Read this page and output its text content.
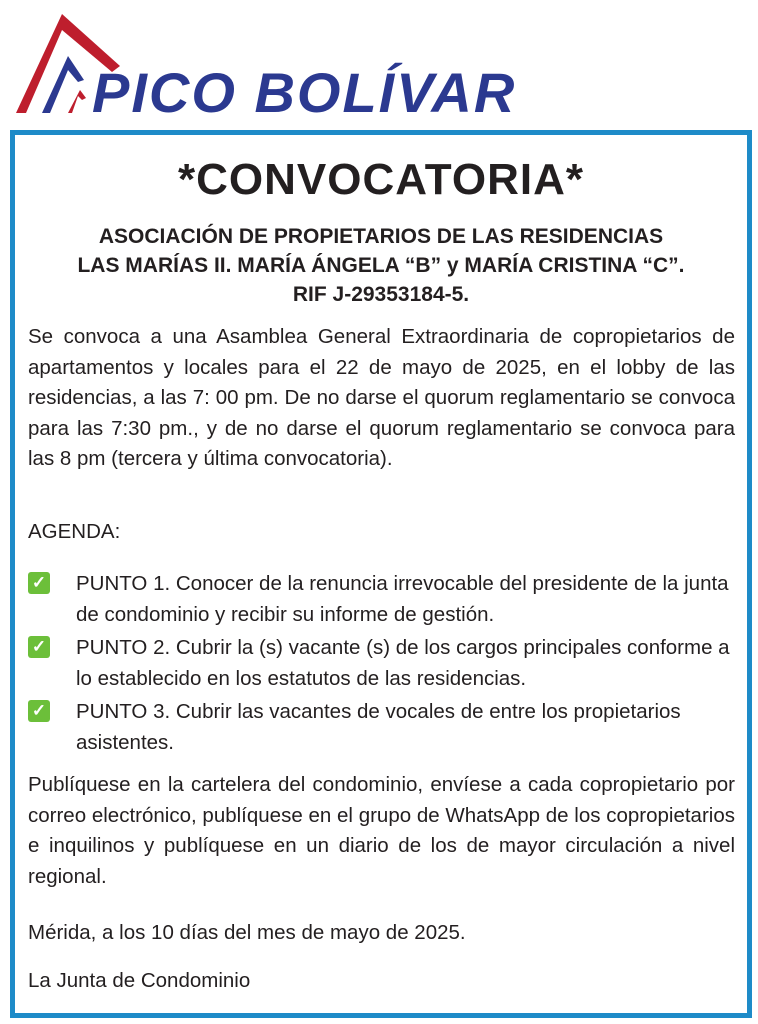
PICO BOLÍVAR
*CONVOCATORIA*
ASOCIACIÓN DE PROPIETARIOS DE LAS RESIDENCIAS
LAS MARÍAS II. MARÍA ÁNGELA “B” y MARÍA CRISTINA “C”.
RIF J-29353184-5.
Se convoca a una Asamblea General Extraordinaria de copropietarios de apartamentos y locales para el 22 de mayo de 2025, en el lobby de las residencias, a las 7: 00 pm. De no darse el quorum reglamentario se convoca para las 7:30 pm., y de no darse el quorum reglamentario se convoca para las 8 pm (tercera y última convocatoria).
AGENDA:
✓ PUNTO 1. Conocer de la renuncia irrevocable del presidente de la junta de condominio y recibir su informe de gestión.
✓ PUNTO 2. Cubrir la (s) vacante (s) de los cargos principales conforme a lo establecido en los estatutos de las residencias.
✓ PUNTO 3. Cubrir las vacantes de vocales de entre los propietarios asistentes.
Publíquese en la cartelera del condominio, envíese a cada copropietario por correo electrónico, publíquese en el grupo de WhatsApp de los copropietarios e inquilinos y publíquese en un diario de los de mayor circulación a nivel regional.
Mérida, a los 10 días del mes de mayo de 2025.
La Junta de Condominio
